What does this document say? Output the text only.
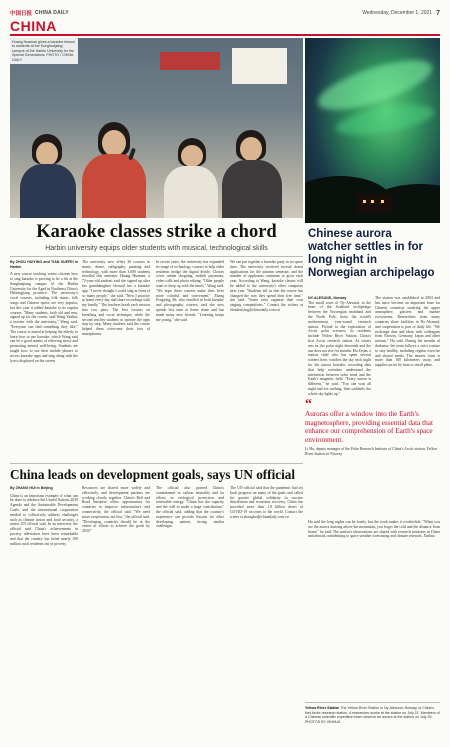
中国日报 CHINA DAILY	Wednesday, December 1, 2021 7
CHINA
Huang Huaman gives a karaoke lesson to students at the Songhuajiang campus of the Harbin University for the Special Generations. PHOTO / CHINA DAILY
Karaoke classes strike a chord
Harbin university equips older students with musical, technological skills
By ZHOU HUIYING and TIAN XUEFEI in Harbin
A new course teaching senior citizens how to sing karaoke is proving to be a hit at the Songhuajiang campus of the Harbin University for the Aged in Northeast China's Heilongjiang province. The university's vocal courses, including folk music, folk songs and Chinese opera, are very popular, but this year it added karaoke to its regular courses. "Many students, both old and new, signed up for the course, said Wang Yanhui, a teacher with the university," Wang said. "Everyone can find something they like." The course is aimed at helping the elderly to learn how to use karaoke, which Wang said can be a good means of relieving stress and promoting mental well-being. Students are taught how to use their mobile phones to access karaoke apps and sing along with the lyrics displayed on the screen.
The university now offers 26 courses in music, dance, calligraphy, painting and technology, with more than 3,000 students enrolled this semester. Huang Huaman, a 72-year-old student, said she signed up after her granddaughter showed her a karaoke app. "I never thought I could sing in front of so many people," she said. "Now I practice at home every day and share recordings with my family." The teachers break each session into two parts. The first focuses on breathing and vocal technique, while the second teaches students to operate the apps step by step. Many students said the course helped them overcome their fear of smartphones.
In recent years, the university has expanded its range of technology courses to help older residents bridge the digital divide. Classes cover online shopping, mobile payments, video calls and photo editing. "Older people want to keep up with the times," Wang said. "We hope these courses make their lives more colorful and convenient." Zhang Fengying, 66, who enrolled in both karaoke and photography courses, said she now spends less time at home alone and has made many new friends. "Learning keeps me young," she said.
We can put together a karaoke party in no space time. The university received several dozen applications for the autumn semester, and the number of applicants continues to grow each year. According to Wang, karaoke classes will be added to the university's other campuses next year. "Students tell us that the course has changed the way they spend their free time," she said. "Some even organize their own singing competitions." Contact the writers at zhouhuiying@chinadaily.com.cn
Chinese aurora watcher settles in for long night in Norwegian archipelago
NY-ALESUND, Norway
The small town of Ny-Alesund, in the heart of the Svalbard archipelago between the Norwegian mainland and the North Pole, hosts the world's northernmost year-round research station. Pivotal to the exploration of Arctic polar sciences, its residents include Yellow River Station, China's first Arctic research station. As winter sets in, the polar night descends and the sun does not rise for months. Hu Zejun, a station chief who has spent several winters here, watches the sky each night for the aurora borealis, recording data that help scientists understand the interaction between solar wind and the Earth's magnetic field. "Every aurora is different," he said. "You can wait all night and see nothing, then suddenly the whole sky lights up."
The station was established in 2004 and has since become an important base for Chinese scientists studying the upper atmosphere, glaciers and marine ecosystems. Researchers from many countries share facilities in Ny-Alesund, and cooperation is part of daily life. "We exchange data and ideas with colleagues from Norway, Germany, Japan and other nations," Hu said. During the months of darkness, the team follows a strict routine to stay healthy, including regular exercise and shared meals. The nearest town is more than 100 kilometers away, and supplies arrive by boat or small plane.
“
Auroras offer a window into the Earth's magnetosphere, providing essential data that enhance our comprehension of Earth's space environment.
Li Hu, deputy manager of the Polar Research Institute of China's Arctic station, Yellow River Station in Norway
Hu said the long nights can be lonely, but the work makes it worthwhile. "When you see the aurora dancing above the mountains, you forget the cold and the distance from home," he said. The station's observations are shared with research institutes in China and abroad, contributing to space weather forecasting and climate research. Xinhua
China leads on development goals, says UN official
By ZHANG HUI in Beijing
China is an important example of what can be done to advance the United Nations 2030 Agenda and the Sustainable Development Goals, and the international cooperation needed to collectively address challenges such as climate action and food security, a senior UN official said. In an interview, the official said China's achievements in poverty alleviation have been remarkable and that the country has lifted nearly 100 million rural residents out of poverty.
Resources are shared more widely and effectively, and development partners are working closely together. China's Belt and Road Initiative offers opportunities for countries to improve infrastructure and connectivity, the official said. "We need more cooperation, not less," the official said. "Developing countries should be at the center of efforts to achieve the goals by 2030."
The official also praised China's commitment to carbon neutrality and its efforts in ecological protection and renewable energy. "China has the capacity and the will to make a huge contribution," the official said, adding that the country's experience can provide lessons for other developing nations facing similar challenges.
The UN official said that the pandemic had set back progress on many of the goals and called for greater global solidarity in vaccine distribution and economic recovery. China has provided more than 1.8 billion doses of COVID-19 vaccines to the world. Contact the writer at zhanghui@chinadaily.com.cn
Yellow River Station The Yellow River Station in Ny-Alesund, Norway, is China's first Arctic research station. A researcher works at the station on July 21. Members of a Chinese scientific expedition team observe an aurora at the station on July 25. PHOTOS BY XINHUA
